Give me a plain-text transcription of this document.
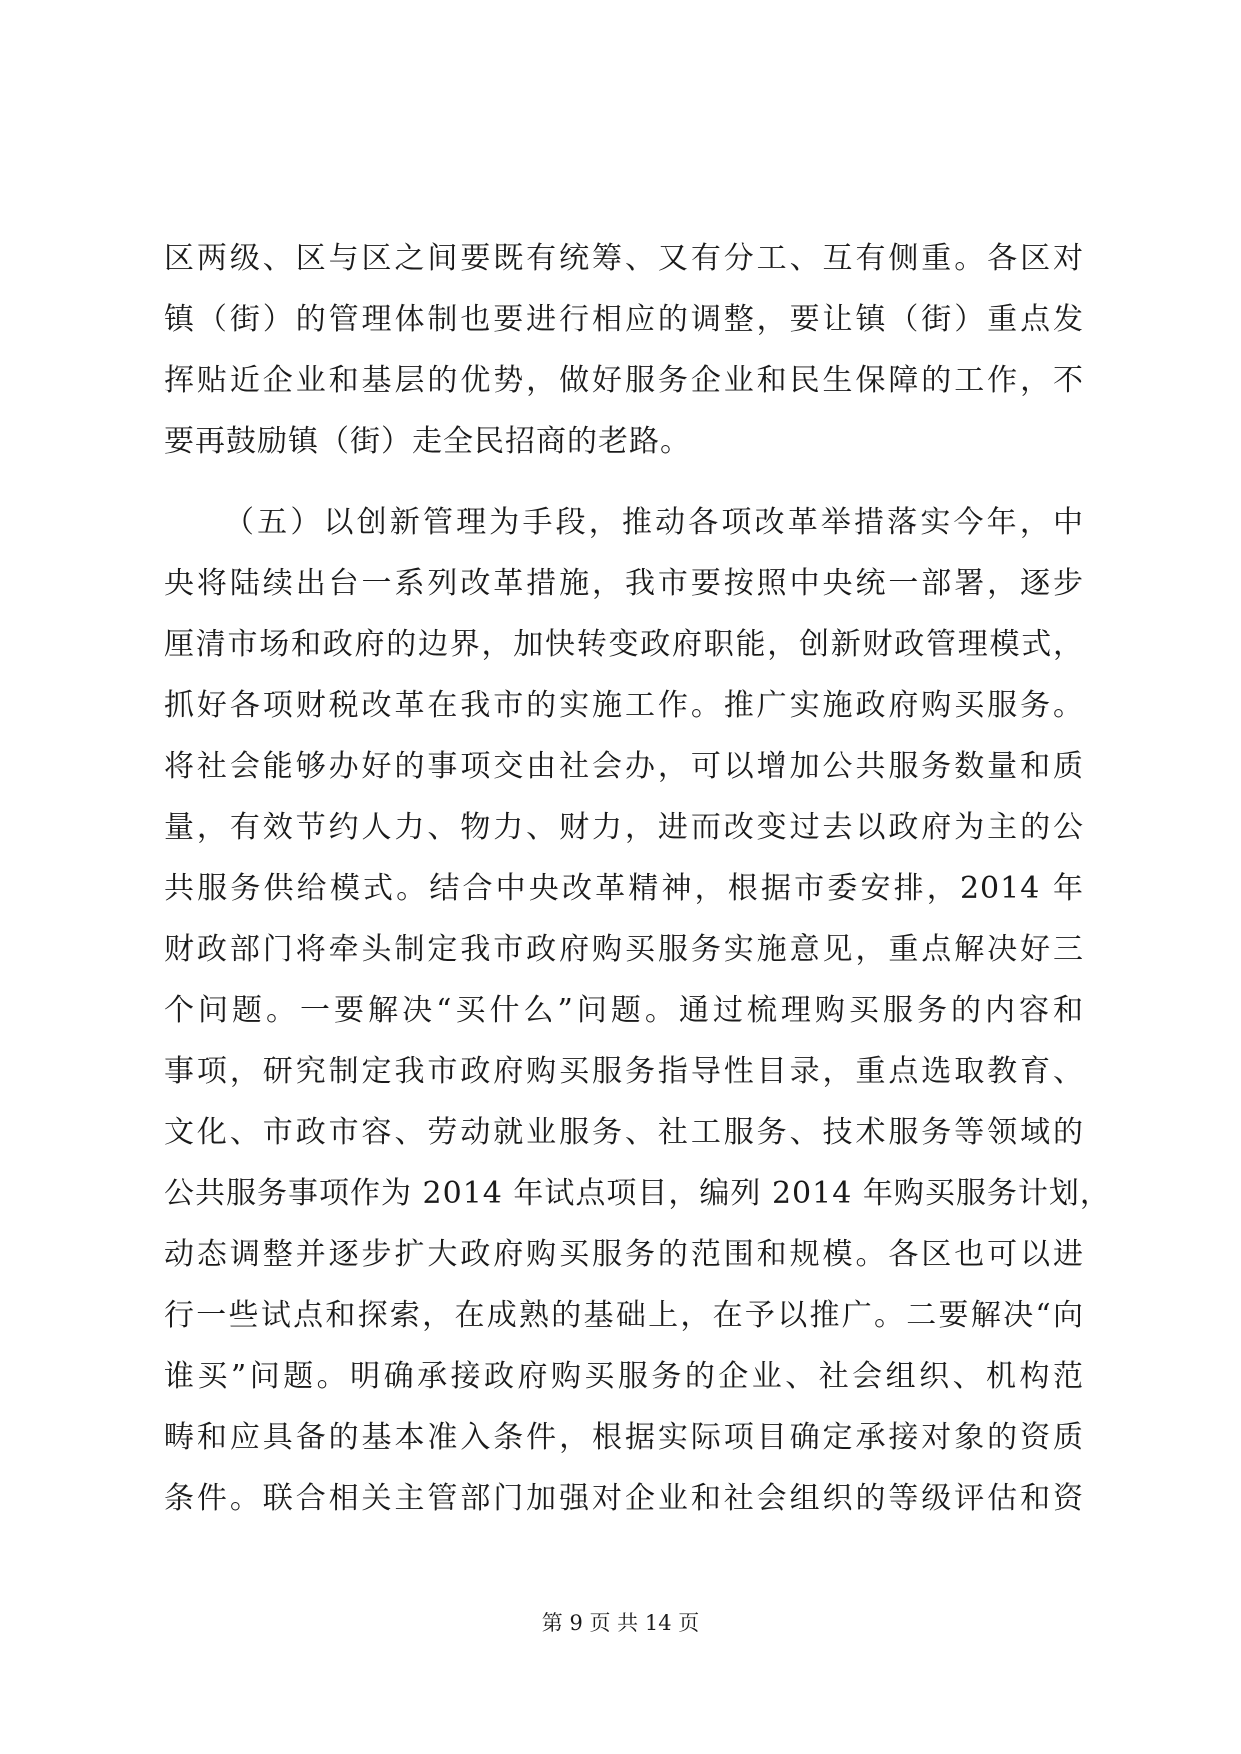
区两级、区与区之间要既有统筹、又有分工、互有侧重。各区对
镇（街）的管理体制也要进行相应的调整，要让镇（街）重点发
挥贴近企业和基层的优势，做好服务企业和民生保障的工作，不
要再鼓励镇（街）走全民招商的老路。
（五）以创新管理为手段，推动各项改革举措落实今年，中
央将陆续出台一系列改革措施，我市要按照中央统一部署，逐步
厘清市场和政府的边界，加快转变政府职能，创新财政管理模式，
抓好各项财税改革在我市的实施工作。推广实施政府购买服务。
将社会能够办好的事项交由社会办，可以增加公共服务数量和质
量，有效节约人力、物力、财力，进而改变过去以政府为主的公
共服务供给模式。结合中央改革精神，根据市委安排，2014 年
财政部门将牵头制定我市政府购买服务实施意见，重点解决好三
个问题。一要解决“买什么”问题。通过梳理购买服务的内容和
事项，研究制定我市政府购买服务指导性目录，重点选取教育、
文化、市政市容、劳动就业服务、社工服务、技术服务等领域的
公共服务事项作为 2014 年试点项目，编列 2014 年购买服务计划，
动态调整并逐步扩大政府购买服务的范围和规模。各区也可以进
行一些试点和探索，在成熟的基础上，在予以推广。二要解决“向
谁买”问题。明确承接政府购买服务的企业、社会组织、机构范
畴和应具备的基本准入条件，根据实际项目确定承接对象的资质
条件。联合相关主管部门加强对企业和社会组织的等级评估和资
第 9 页 共 14 页
